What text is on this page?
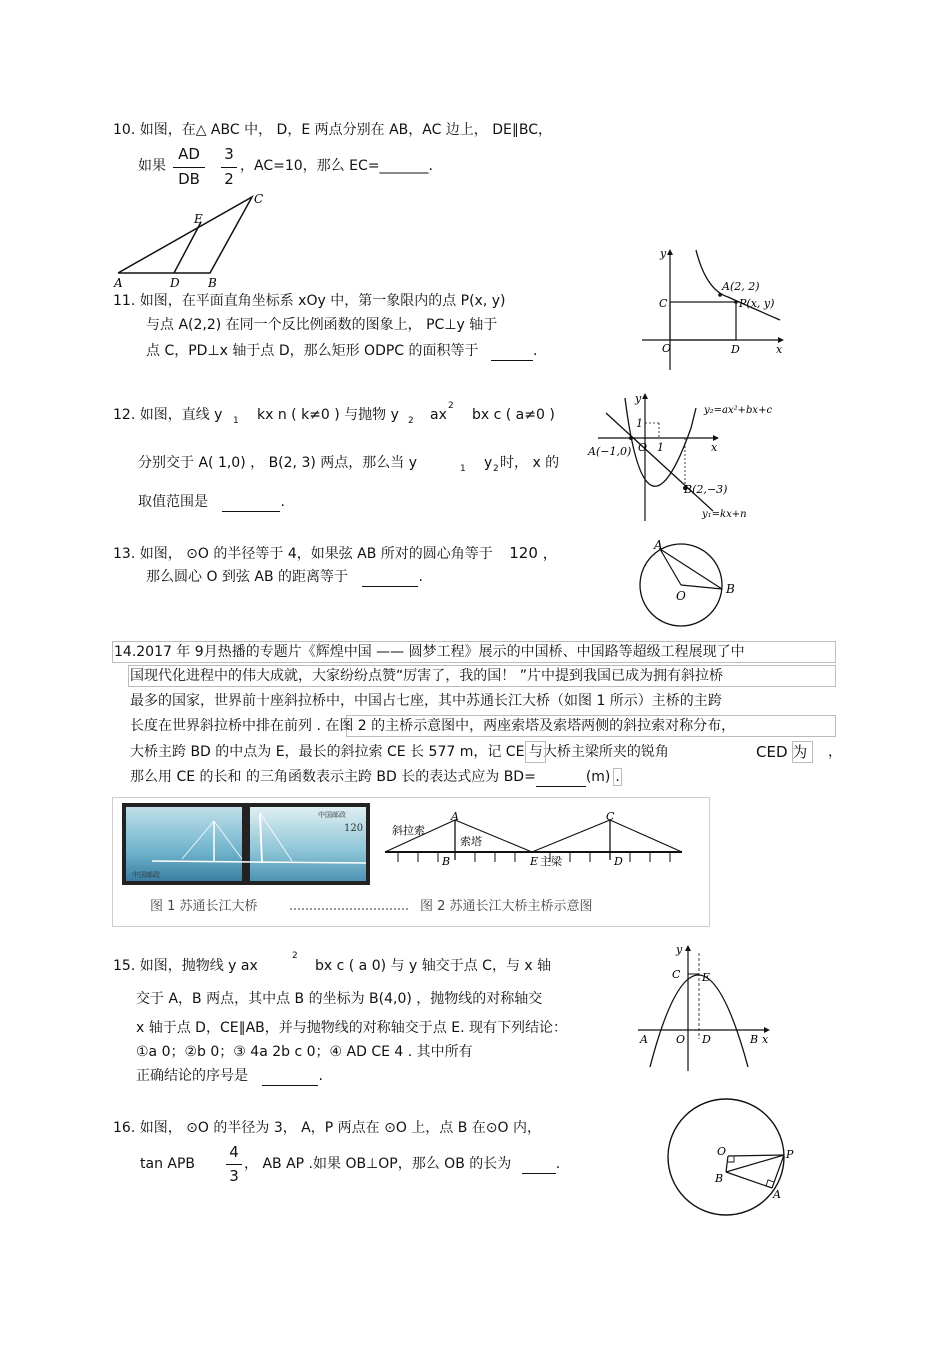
10. 如图，在△ ABC 中， D，E 两点分别在 AB，AC 边上， DE∥BC，
如果
AD
DB
3
2
，AC=10，那么 EC=_______.
A	D B
E
C
11. 如图，在平面直角坐标系 xOy 中，第一象限内的点 P(x, y)
与点 A(2,2) 在同一个反比例函数的图象上， PC⊥y 轴于
点 C，PD⊥x 轴于点 D，那么矩形 ODPC 的面积等于	.
y
x
O
C
D
A(2, 2)
P(x, y)
12. 如图，直线 y 1 kx n ( k≠0 ) 与抛物 y 2 ax
2
bx c ( a≠0 )
分别交于 A( 1,0) ， B(2, 3) 两点，那么当 y	1 y 2 时， x 的
取值范围是	.
y
x
O 1
1
A(−1,0)
B(2,−3)
y₂=ax²+bx+c
y₁=kx+n
13. 如图， ⊙O 的半径等于 4，如果弦 AB 所对的圆心角等于 120 ，
那么圆心 O 到弦 AB 的距离等于	.
A
O	B
14.2017 年 9月热播的专题片《辉煌中国 —— 圆梦工程》展示的中国桥、中国路等超级工程展现了中
国现代化进程中的伟大成就，大家纷纷点赞“厉害了，我的国！ ”片中提到我国已成为拥有斜拉桥
最多的国家，世界前十座斜拉桥中，中国占七座，其中苏通长江大桥（如图 1 所示）主桥的主跨
长度在世界斜拉桥中排在前列 . 在图 2 的主桥示意图中，两座索塔及索塔两侧的斜拉索对称分布，
大桥主跨 BD 的中点为 E，最长的斜拉索 CE 长 577 m，记 CE 与大桥主梁所夹的锐角	CED 为 ，
那么用 CE 的长和 的三角函数表示主跨 BD 长的表达式应为 BD=	(m) .
中国邮政
120
中国邮政
斜拉索
A
索塔
C
B	E 主梁	D
图 1 苏通长江大桥	图 2 苏通长江大桥主桥示意图
15. 如图，抛物线 y ax
2
bx c ( a 0) 与 y 轴交于点 C，与 x 轴
交于 A，B 两点，其中点 B 的坐标为 B(4,0) ，抛物线的对称轴交
x 轴于点 D，CE∥AB，并与抛物线的对称轴交于点 E. 现有下列结论：
①a 0；②b 0；③ 4a 2b c 0；④ AD CE 4 . 其中所有
正确结论的序号是	.
y
x
C E
A	O D	B
16. 如图， ⊙O 的半径为 3， A，P 两点在 ⊙O 上，点 B 在⊙O 内，
tan APB
4
3
， AB AP .如果 OB⊥OP，那么 OB 的长为	.
O	P
B
A
